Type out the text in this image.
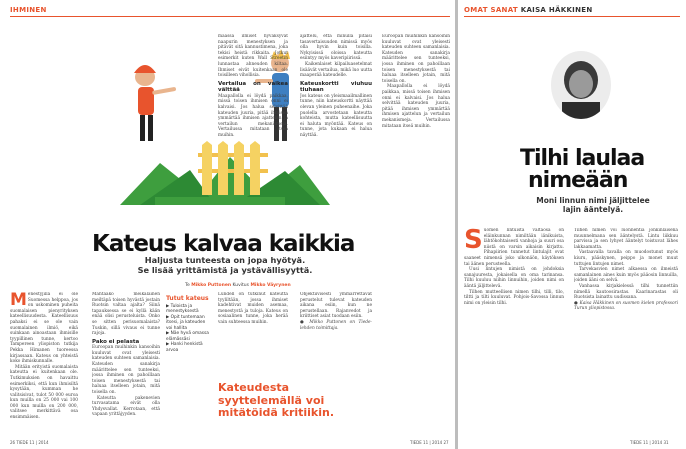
IHMINEN
Kateus kalvaa kaikkia
Haljusta tunteesta on jopa hyötyä.
Se lisää yrittämistä ja ystävällisyyttä.
Te Mikko Puttonen Kuvitus Mikko Väyrynen
M enestyjillä ei ole Suomessa helppoa, jos on uskominen puheita suomalaisen pienyrityksen kateellisuudesta. Kateellisuus pahaksi ei se ole vain suomalainen ilmiö, eikä suinkaan ainoastaan ihmisille tyypillinen tunne, kertoo Tampereen yliopiston tutkija Pekka Himanen tuoreessa kirjassaan. Kateus on yhteistä koko ihmiskunnalle.
Mitään erityistä suomalaista kateutta ei kuitenkaan ole. Tutkimuksien on havaittu esimerkiksi, että kun ihmisiltä kysytään, kumman he valitsisivat, tulot 50 000 euroa kun muilla on 25 000 vai 100 000 kun muilla on 200 000, valitsee merkittävä osa ensimmäisen.
Mahtaako meikäläinen meiltäpä toisen hyvästä jostain Ruotsin valtaa ajalta? Siinä tapauksessa se ei kyllä kään enää olisi perusteluista. Onko se sitten perisuomalaista? Tuskin, sillä vivaus ei tunne rajoja.
Pako ei pelasta
Euroopan muihinkin kansoihin kuuluvat ovat yleisesti kateuden suhteen samanlaisia. Kateuden sanakirja määrittelee sen tunteeksi, jossa ihminen on pahoillaan toisen menestyksestä tai haluaa itselleen jotain, mitä toisella on.
Kateutta pakenevien turvasatama eivät olla Yhdysvallat. Kerrotaan, että vapaan yrittäjyyden.
Tutut kateus
▶ Tuloista ja menestyksestä
▶ Opit tuntemaan itsesi, ja kateuden voi hallita
▶ Näe hyvä omassa elämässäsi
▶ Hanki henkistä arvoa
maassa ilmiset hyväksyvät naapurin menestyksen ja pitävät sitä kannustimena, joka tekisi heistä rikkaita. Jotkut esimerkit kuten Wall Streetin lunnastaa ahneuden kiltaa. Ihmiset eivät kuitenkaan ole toisilleen vihollisia.
Vertailua on vaikea välttää
Maapallolla ei löydä paikkaa, missä toisen ihmisen onni ei kalvaisi. Jos halua selvittää kateuden juuria, pitää ihmisen ymmärtää ihmisen ajattelun ja vertailun mekanismeja. Vertailussa mitataan itseä muihin.
Lundell on tutkinut kateutta tyyliltään, jossa ihmiset kadehtivat muiden asemaa, menestystä ja tuloja. Kateus on sosiaalinen tunne, joka herää vain suhteessa muihin.
ajattelu, että minulla pitäisi tasavertaisuuden nimissä myös olla hyvin kuin toisilla. Nykyisissä oloissa kateutta esiintyy myös kaveripiirissä.
Kaikenlaiset kilpailuasetelmat lisäävät vertailua, mikä luo uutta maaperää kateudelle.
Kateuskortti viuhuu tiuhaan
Jos kateus on yleismaailmallinen tunne, niin kateuskortti näyttää olevan yleinen puheenaihe. Joka puolella arvostetaan kateutta kohteista, mutta kateellisuutta ei haluta myöntää. Kateus on tunne, jota kukaan ei halua näyttää.
Objektiivisesti ymmärrettävät perustelut tulevat kateuden aikana esiin, kun ne perustellaan. Rajanvedot ja kriittiset asiat tuodaan esiin.
● Mikko Puttonen on Tiede-lehden toimittaja.
Euroopan muihinkin kansoihin kuuluvat ovat yleisesti kateuden suhteen samanlaisia. Kateuden sanakirja määrittelee sen tunteeksi, jossa ihminen on pahoillaan toisen menestyksestä tai haluaa itselleen jotain, mitä toisella on.
Maapallolla ei löydä paikkaa, missä toisen ihmisen onni ei kalvaisi. Jos halua selvittää kateuden juuria, pitää ihmisen ymmärtää ihmisen ajattelun ja vertailun mekanismeja. Vertailussa mitataan itseä muihin.
Kateudesta syyttelemällä voi mitätöidä kritiikin.
26 TIEDE 11 | 2014	TIEDE 11 | 2014 27
OMAT SANAT KAISA HÄKKINEN
Tilhi laulaa
nimeään
Moni linnun nimi jäljittelee
lajin ääntelyä.
S uomen lintuista valtaosa on eläinkunnan nimiltään iänikuista, lähtökohtaisesti vanhoja ja suuri osa niistä on varsin aikaisin kirjattu. Pihapiirien tunnetut lintulajit ovat saaneet nimensä joko ulkonäön, käytöksen tai äänen perusteella.
Uusi lintujen nimistä on johdoksia sanajuuresta, jokaisella on oma tarinansa. Tilhi kuuluu niihin linnuihin, joiden nimi on ääntä jäljittelevä.
Tilhen mutteellisen nimen tilhi, tilli, tilo, tiltti ja tilti kuuluvat. Pohjois-Savossa linnun nimi on yleisin tilhi.
Tilhen nimen voi luonnehtia jonkinlaisena muunnelmana sen ääntelystä. Lintu liikkuu parvissa ja sen lyhyet ääntelyt toistuvat lähes lakkaamatta.
Vastaavalla tavalla on muodostunut myös kiuru, pääskynen, peippo ja monet muut tuttujen lintujen nimet.
Tarvekasvien nimet alkaessa on ilmeistä samanlainen aines kuin myös pääosin linnuilla, joiden ääni on selvä.
Vanhassa kirjakielessä tilhi tunnettiin nimellä kautoosirastas. Kaarinarastas oli Ruotsista lainattu uudissana.
● Kaisa Häkkinen on suomen kielen professori Turun yliopistossa.
TIEDE 11 | 2014 31
